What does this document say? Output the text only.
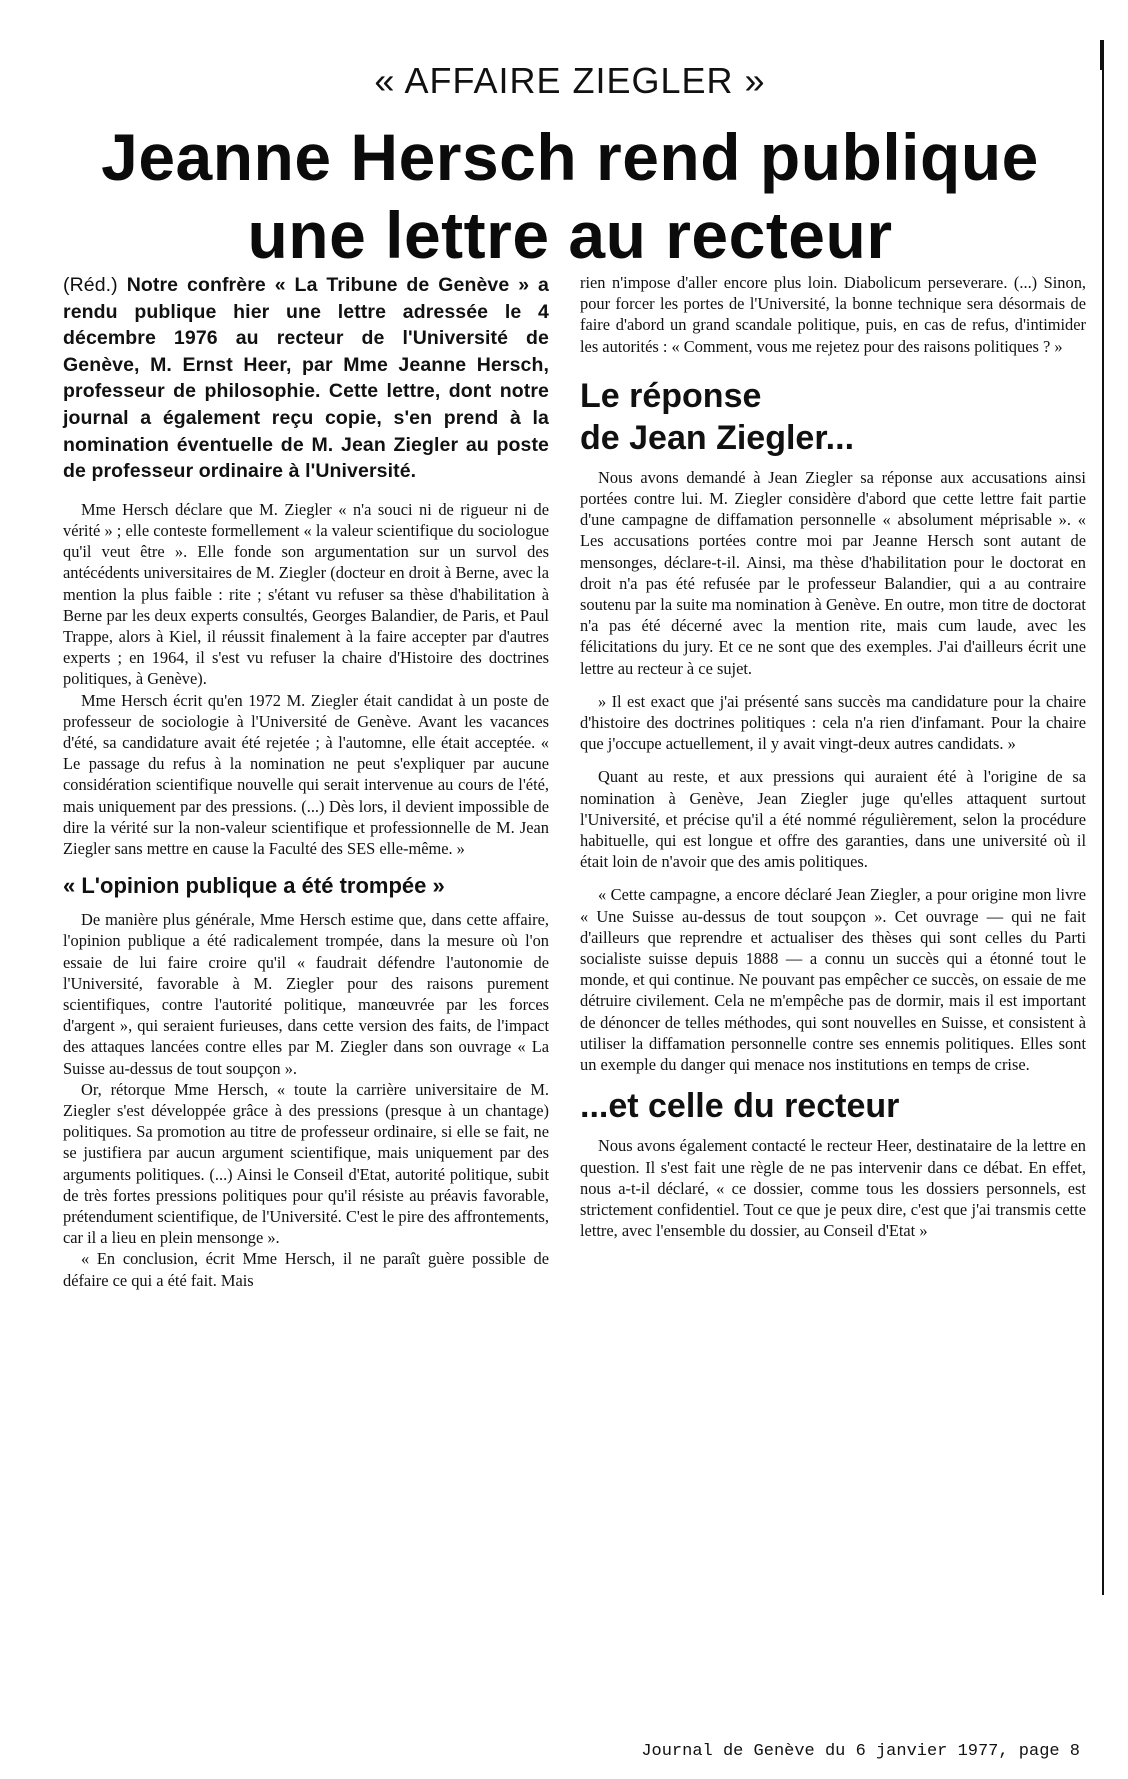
« AFFAIRE ZIEGLER »
Jeanne Hersch rend publique
une lettre au recteur
(Réd.) Notre confrère « La Tribune de Genève » a rendu publique hier une lettre adressée le 4 décembre 1976 au recteur de l'Université de Genève, M. Ernst Heer, par Mme Jeanne Hersch, professeur de philosophie. Cette lettre, dont notre journal a également reçu copie, s'en prend à la nomination éventuelle de M. Jean Ziegler au poste de professeur ordinaire à l'Université.

Mme Hersch déclare que M. Ziegler « n'a souci ni de rigueur ni de vérité » ; elle conteste formellement « la valeur scientifique du sociologue qu'il veut être ». Elle fonde son argumentation sur un survol des antécédents universitaires de M. Ziegler (docteur en droit à Berne, avec la mention la plus faible : rite ; s'étant vu refuser sa thèse d'habilitation à Berne par les deux experts consultés, Georges Balandier, de Paris, et Paul Trappe, alors à Kiel, il réussit finalement à la faire accepter par d'autres experts ; en 1964, il s'est vu refuser la chaire d'Histoire des doctrines politiques, à Genève).

Mme Hersch écrit qu'en 1972 M. Ziegler était candidat à un poste de professeur de sociologie à l'Université de Genève. Avant les vacances d'été, sa candidature avait été rejetée ; à l'automne, elle était acceptée. « Le passage du refus à la nomination ne peut s'expliquer par aucune considération scientifique nouvelle qui serait intervenue au cours de l'été, mais uniquement par des pressions. (...) Dès lors, il devient impossible de dire la vérité sur la non-valeur scientifique et professionnelle de M. Jean Ziegler sans mettre en cause la Faculté des SES elle-même. »

« L'opinion publique a été trompée »

De manière plus générale, Mme Hersch estime que, dans cette affaire, l'opinion publique a été radicalement trompée, dans la mesure où l'on essaie de lui faire croire qu'il « faudrait défendre l'autonomie de l'Université, favorable à M. Ziegler pour des raisons purement scientifiques, contre l'autorité politique, manœuvrée par les forces d'argent », qui seraient furieuses, dans cette version des faits, de l'impact des attaques lancées contre elles par M. Ziegler dans son ouvrage « La Suisse au-dessus de tout soupçon ».

Or, rétorque Mme Hersch, « toute la carrière universitaire de M. Ziegler s'est développée grâce à des pressions (presque à un chantage) politiques. Sa promotion au titre de professeur ordinaire, si elle se fait, ne se justifiera par aucun argument scientifique, mais uniquement par des arguments politiques. (...) Ainsi le Conseil d'Etat, autorité politique, subit de très fortes pressions politiques pour qu'il résiste au préavis favorable, prétendument scientifique, de l'Université. C'est le pire des affrontements, car il a lieu en plein mensonge ».

« En conclusion, écrit Mme Hersch, il ne paraît guère possible de défaire ce qui a été fait. Mais

rien n'impose d'aller encore plus loin. Diabolicum perseverare. (...) Sinon, pour forcer les portes de l'Université, la bonne technique sera désormais de faire d'abord un grand scandale politique, puis, en cas de refus, d'intimider les autorités : « Comment, vous me rejetez pour des raisons politiques ? »

Le réponse
de Jean Ziegler...

Nous avons demandé à Jean Ziegler sa réponse aux accusations ainsi portées contre lui. M. Ziegler considère d'abord que cette lettre fait partie d'une campagne de diffamation personnelle « absolument méprisable ». « Les accusations portées contre moi par Jeanne Hersch sont autant de mensonges, déclare-t-il. Ainsi, ma thèse d'habilitation pour le doctorat en droit n'a pas été refusée par le professeur Balandier, qui a au contraire soutenu par la suite ma nomination à Genève. En outre, mon titre de doctorat n'a pas été décerné avec la mention rite, mais cum laude, avec les félicitations du jury. Et ce ne sont que des exemples. J'ai d'ailleurs écrit une lettre au recteur à ce sujet.

» Il est exact que j'ai présenté sans succès ma candidature pour la chaire d'histoire des doctrines politiques : cela n'a rien d'infamant. Pour la chaire que j'occupe actuellement, il y avait vingt-deux autres candidats. »

Quant au reste, et aux pressions qui auraient été à l'origine de sa nomination à Genève, Jean Ziegler juge qu'elles attaquent surtout l'Université, et précise qu'il a été nommé régulièrement, selon la procédure habituelle, qui est longue et offre des garanties, dans une université où il était loin de n'avoir que des amis politiques.

« Cette campagne, a encore déclaré Jean Ziegler, a pour origine mon livre « Une Suisse au-dessus de tout soupçon ». Cet ouvrage — qui ne fait d'ailleurs que reprendre et actualiser des thèses qui sont celles du Parti socialiste suisse depuis 1888 — a connu un succès qui a étonné tout le monde, et qui continue. Ne pouvant pas empêcher ce succès, on essaie de me détruire civilement. Cela ne m'empêche pas de dormir, mais il est important de dénoncer de telles méthodes, qui sont nouvelles en Suisse, et consistent à utiliser la diffamation personnelle contre ses ennemis politiques. Elles sont un exemple du danger qui menace nos institutions en temps de crise.

...et celle du recteur

Nous avons également contacté le recteur Heer, destinataire de la lettre en question. Il s'est fait une règle de ne pas intervenir dans ce débat. En effet, nous a-t-il déclaré, « ce dossier, comme tous les dossiers personnels, est strictement confidentiel. Tout ce que je peux dire, c'est que j'ai transmis cette lettre, avec l'ensemble du dossier, au Conseil d'Etat »

Journal de Genève du 6 janvier 1977, page 8
